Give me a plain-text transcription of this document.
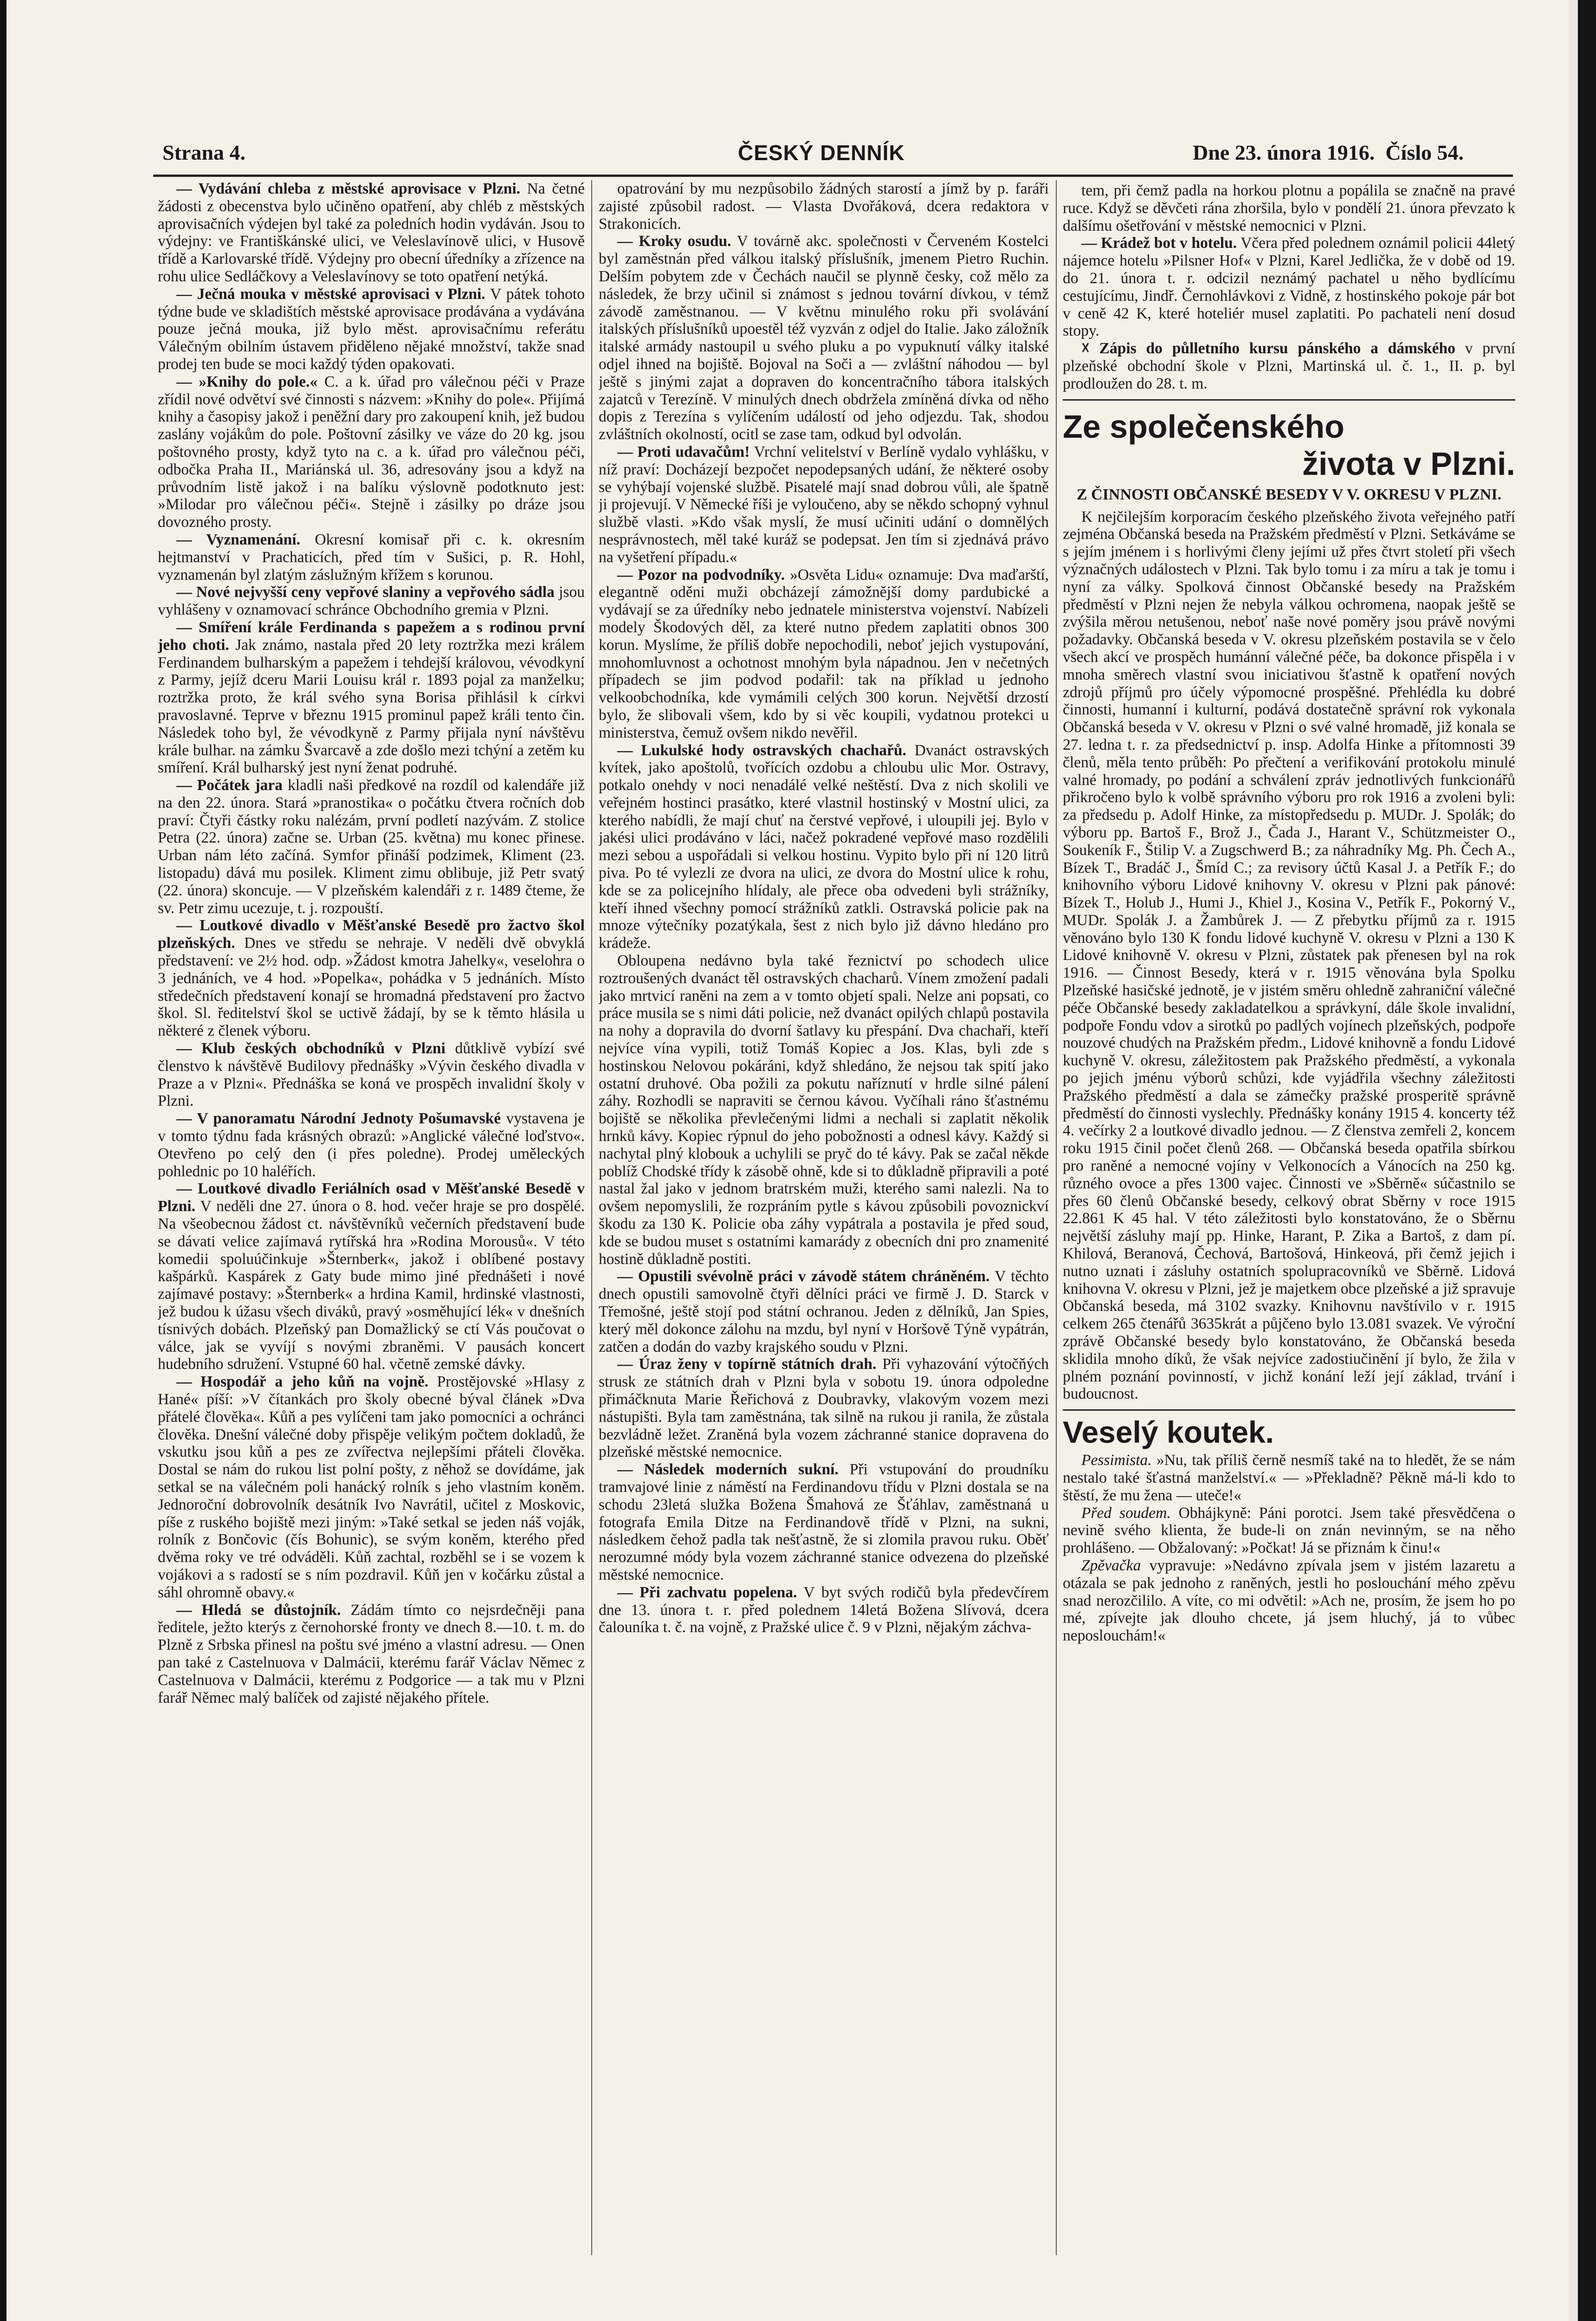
Strana 4.	ČESKÝ DENNÍK	Dne 23. února 1916. Číslo 54.

— Vydávání chleba z městské aprovisace v Plzni. Na četné žádosti z obecenstva bylo učiněno opatření, aby chléb z městských aprovisačních výdejen byl také za poledních hodin vydáván. Jsou to výdejny: ve Františkánské ulici, ve Veleslavínově ulici, v Husově třídě a Karlovarské třídě. Výdejny pro obecní úředníky a zřízence na rohu ulice Sedláčkovy a Veleslavínovy se toto opatření netýká.

— Ječná mouka v městské aprovisaci v Plzni. V pátek tohoto týdne bude ve skladištích městské aprovisace prodávána a vydávána pouze ječná mouka, již bylo měst. aprovisačnímu referátu Válečným obilním ústavem přiděleno nějaké množství, takže snad prodej ten bude se moci každý týden opakovati.

— »Knihy do pole.« C. a k. úřad pro válečnou péči v Praze zřídil nové odvětví své činnosti s názvem: »Knihy do pole«. Přijímá knihy a časopisy jakož i peněžní dary pro zakoupení knih, jež budou zaslány vojákům do pole. Poštovní zásilky ve váze do 20 kg. jsou poštovného prosty, když tyto na c. a k. úřad pro válečnou péči, odbočka Praha II., Mariánská ul. 36, adresovány jsou a když na průvodním listě jakož i na balíku výslovně podotknuto jest: »Milodar pro válečnou péči«. Stejně i zásilky po dráze jsou dovozného prosty.

— Vyznamenání. Okresní komisař při c. k. okresním hejtmanství v Prachaticích, před tím v Sušici, p. R. Hohl, vyznamenán byl zlatým záslužným křížem s korunou.

— Nové nejvyšší ceny vepřové slaniny a vepřového sádla jsou vyhlášeny v oznamovací schránce Obchodního gremia v Plzni.

— Smíření krále Ferdinanda s papežem a s rodinou první jeho choti. Jak známo, nastala před 20 lety roztržka mezi králem Ferdinandem bulharským a papežem i tehdejší královou, vévodkyní z Parmy, jejíž dceru Marii Louisu král r. 1893 pojal za manželku; roztržka proto, že král svého syna Borisa přihlásil k církvi pravoslavné. Teprve v březnu 1915 prominul papež králi tento čin. Následek toho byl, že vévodkyně z Parmy přijala nyní návštěvu krále bulhar. na zámku Švarcavě a zde došlo mezi tchýní a zetěm ku smíření. Král bulharský jest nyní ženat podruhé.

— Počátek jara kladli naši předkové na rozdíl od kalendáře již na den 22. února. Stará »pranostika« o počátku čtvera ročních dob praví: Čtyři částky roku nalézám, první podletí nazývám. Z stolice Petra (22. února) začne se. Urban (25. května) mu konec přinese. Urban nám léto začíná. Symfor přináší podzimek, Kliment (23. listopadu) dává mu posilek. Kliment zimu oblibuje, již Petr svatý (22. února) skoncuje. — V plzeňském kalendáři z r. 1489 čteme, že sv. Petr zimu ucezuje, t. j. rozpouští.

— Loutkové divadlo v Měšťanské Besedě pro žactvo škol plzeňských. Dnes ve středu se nehraje. V neděli dvě obvyklá představení: ve 2½ hod. odp. »Žádost kmotra Jahelky«, veselohra o 3 jednáních, ve 4 hod. »Popelka«, pohádka v 5 jednáních. Místo středečních představení konají se hromadná představení pro žactvo škol. Sl. ředitelství škol se uctivě žádají, by se k těmto hlásila u některé z členek výboru.

— Klub českých obchodníků v Plzni důtklivě vybízí své členstvo k návštěvě Budilovy přednášky »Vývin českého divadla v Praze a v Plzni«. Přednáška se koná ve prospěch invalidní školy v Plzni.

— V panoramatu Národní Jednoty Pošumavské vystavena je v tomto týdnu fada krásných obrazů: »Anglické válečné loďstvo«. Otevřeno po celý den (i přes poledne). Prodej uměleckých pohlednic po 10 haléřích.

— Loutkové divadlo Feriálních osad v Měšťanské Besedě v Plzni. V neděli dne 27. února o 8. hod. večer hraje se pro dospělé. Na všeobecnou žádost ct. návštěvníků večerních představení bude se dávati velice zajímavá rytířská hra »Rodina Morousů«. V této komedii spoluúčinkuje »Šternberk«, jakož i oblíbené postavy kašpárků. Kaspárek z Gaty bude mimo jiné přednášeti i nové zajímavé postavy: »Šternberk« a hrdina Kamil, hrdinské vlastnosti, jež budou k úžasu všech diváků, pravý »osměhující lék« v dnešních tísnivých dobách. Plzeňský pan Domažlický se ctí Vás poučovat o válce, jak se vyvíjí s novými zbraněmi. V pausách koncert hudebního sdružení. Vstupné 60 hal. včetně zemské dávky.

— Hospodář a jeho kůň na vojně. Prostějovské »Hlasy z Hané« píší: »V čítankách pro školy obecné býval článek »Dva přátelé člověka«. Kůň a pes vylíčeni tam jako pomocníci a ochránci člověka. Dnešní válečné doby přispěje velikým počtem dokladů, že vskutku jsou kůň a pes ze zvířectva nejlepšími přáteli člověka. Dostal se nám do rukou list polní pošty, z něhož se dovídáme, jak setkal se na válečném poli hanácký rolník s jeho vlastním koněm. Jednoroční dobrovolník desátník Ivo Navrátil, učitel z Moskovic, píše z ruského bojiště mezi jiným: »Také setkal se jeden náš voják, rolník z Bončovic (čís Bohunic), se svým koněm, kterého před dvěma roky ve tré odváděli. Kůň zachtal, rozběhl se i se vozem k vojákovi a s radostí se s ním pozdravil. Kůň jen v kočárku zůstal a sáhl ohromně obavy.«

— Hledá se důstojník. Zádám tímto co nejsrdečněji pana ředitele, ježto kterýs z černohorské fronty ve dnech 8.—10. t. m. do Plzně z Srbska přinesl na poštu své jméno a vlastní adresu. — Onen pan také z Castelnuova v Dalmácii, kterému farář Václav Němec z Castelnuova v Dalmácii, kterému z Podgorice — a tak mu v Plzni farář Němec malý balíček od zajisté nějakého přítele.

opatrování by mu nezpůsobilo žádných starostí a jímž by p. faráři zajisté způsobil radost. — Vlasta Dvořáková, dcera redaktora v Strakonicích.

— Kroky osudu. V továrně akc. společnosti v Červeném Kostelci byl zaměstnán před válkou italský příslušník, jmenem Pietro Ruchin. Delším pobytem zde v Čechách naučil se plynně česky, což mělo za následek, že brzy učinil si známost s jednou tovární dívkou, v témž závodě zaměstnanou. — V květnu minulého roku při svolávání italských příslušníků upoestěl též vyzván z odjel do Italie. Jako záložník italské armády nastoupil u svého pluku a po vypuknutí války italské odjel ihned na bojiště. Bojoval na Soči a — zvláštní náhodou — byl ještě s jinými zajat a dopraven do koncentračního tábora italských zajatců v Terezíně. V minulých dnech obdržela zmíněná dívka od něho dopis z Terezína s vylíčením událostí od jeho odjezdu. Tak, shodou zvláštních okolností, ocitl se zase tam, odkud byl odvolán.

— Proti udavačům! Vrchní velitelství v Berlíně vydalo vyhlášku, v níž praví: Docházejí bezpočet nepodepsaných udání, že některé osoby se vyhýbají vojenské službě. Pisatelé mají snad dobrou vůli, ale špatně ji projevují. V Německé říši je vyloučeno, aby se někdo schopný vyhnul službě vlasti. »Kdo však myslí, že musí učiniti udání o domnělých nesprávnostech, měl také kuráž se podepsat. Jen tím si zjednává právo na vyšetření případu.«

— Pozor na podvodníky. »Osvěta Lidu« oznamuje: Dva maďarští, elegantně oděni muži obcházejí zámožnější domy pardubické a vydávají se za úředníky nebo jednatele ministerstva vojenství. Nabízeli modely Škodových děl, za které nutno předem zaplatiti obnos 300 korun. Myslíme, že příliš dobře nepochodili, neboť jejich vystupování, mnohomluvnost a ochotnost mnohým byla nápadnou. Jen v nečetných případech se jim podvod podařil: tak na příklad u jednoho velkoobchodníka, kde vymámili celých 300 korun. Největší drzostí bylo, že slibovali všem, kdo by si věc koupili, vydatnou protekci u ministerstva, čemuž ovšem nikdo nevěřil.

— Lukulské hody ostravských chachařů. Dvanáct ostravských kvítek, jako apoštolů, tvořících ozdobu a chloubu ulic Mor. Ostravy, potkalo onehdy v noci nenadálé velké neštěstí. Dva z nich skolili ve veřejném hostinci prasátko, které vlastnil hostinský v Mostní ulici, za kterého nabídli, že mají chuť na čerstvé vepřové, i uloupili jej. Bylo v jakési ulici prodáváno v láci, načež pokradené vepřové maso rozdělili mezi sebou a uspořádali si velkou hostinu. Vypito bylo při ní 120 litrů piva. Po té vylezli ze dvora na ulici, ze dvora do Mostní ulice k rohu, kde se za policejního hlídaly, ale přece oba odvedeni byli strážníky, kteří ihned všechny pomocí strážníků zatkli. Ostravská policie pak na mnoze výtečníky pozatýkala, šest z nich bylo již dávno hledáno pro krádeže.

Obloupena nedávno byla také řeznictví po schodech ulice roztroušených dvanáct těl ostravských chacharů. Vínem zmožení padali jako mrtvicí raněni na zem a v tomto objetí spali. Nelze ani popsati, co práce musila se s nimi dáti policie, než dvanáct opilých chlapů postavila na nohy a dopravila do dvorní šatlavy ku přespání. Dva chachaři, kteří nejvíce vína vypili, totiž Tomáš Kopiec a Jos. Klas, byli zde s hostinskou Nelovou pokáráni, když shledáno, že nejsou tak spití jako ostatní druhové. Oba požili za pokutu naříznutí v hrdle silné pálení záhy. Rozhodli se napraviti se černou kávou. Vyčíhali ráno šťastnému bojiště se několika převlečenými lidmi a nechali si zaplatit několik hrnků kávy. Kopiec rýpnul do jeho pobožnosti a odnesl kávy. Každý si nachytal plný klobouk a uchylili se pryč do té kávy. Pak se začal někde poblíž Chodské třídy k zásobě ohně, kde si to důkladně připravili a poté nastal žal jako v jednom bratrském muži, kterého sami nalezli. Na to ovšem nepomyslili, že rozpráním pytle s kávou způsobili povoznickví škodu za 130 K. Policie oba záhy vypátrala a postavila je před soud, kde se budou muset s ostatními kamarády z obecních dni pro znamenité hostině důkladně postiti.

— Opustili svévolně práci v závodě státem chráněném. V těchto dnech opustili samovolně čtyři dělníci práci ve firmě J. D. Starck v Třemošné, ještě stojí pod státní ochranou. Jeden z dělníků, Jan Spies, který měl dokonce zálohu na mzdu, byl nyní v Horšově Týně vypátrán, zatčen a dodán do vazby krajského soudu v Plzni.

— Úraz ženy v topírně státních drah. Při vyhazování výtočňých strusk ze státních drah v Plzni byla v sobotu 19. února odpoledne přimáčknuta Marie Řeřichová z Doubravky, vlakovým vozem mezi nástupišti. Byla tam zaměstnána, tak silně na rukou ji ranila, že zůstala bezvládně ležet. Zraněná byla vozem záchranné stanice dopravena do plzeňské městské nemocnice.

— Následek moderních sukní. Při vstupování do proudníku tramvajové linie z náměstí na Ferdinandovu třídu v Plzni dostala se na schodu 23letá služka Božena Šmahová ze Šťáhlav, zaměstnaná u fotografa Emila Ditze na Ferdinandově třídě v Plzni, na sukni, následkem čehož padla tak nešťastně, že si zlomila pravou ruku. Oběť nerozumné módy byla vozem záchranné stanice odvezena do plzeňské městské nemocnice.

— Při zachvatu popelena. V byt svých rodičů byla předevčírem dne 13. února t. r. před polednem 14letá Božena Slívová, dcera čalouníka t. č. na vojně, z Pražské ulice č. 9 v Plzni, nějakým záchva-

tem, při čemž padla na horkou plotnu a popálila se značně na pravé ruce. Když se děvčeti rána zhoršila, bylo v pondělí 21. února převzato k dalšímu ošetřování v městské nemocnici v Plzni.

— Krádež bot v hotelu. Včera před polednem oznámil policii 44letý nájemce hotelu »Pilsner Hof« v Plzni, Karel Jedlička, že v době od 19. do 21. února t. r. odcizil neznámý pachatel u něho bydlícímu cestujícímu, Jindř. Černohlávkovi z Vidně, z hostinského pokoje pár bot v ceně 42 K, které hoteliér musel zaplatiti. Po pachateli není dosud stopy.

☓ Zápis do půlletního kursu pánského a dámského v první plzeňské obchodní škole v Plzni, Martinská ul. č. 1., II. p. byl prodloužen do 28. t. m.

Ze společenského
života v Plzni.
Z ČINNOSTI OBČANSKÉ BESEDY V V. OKRESU V PLZNI.

K nejčilejším korporacím českého plzeňského života veřejného patří zejména Občanská beseda na Pražském předměstí v Plzni. Setkáváme se s jejím jménem i s horlivými členy jejími už přes čtvrt století při všech význačných událostech v Plzni. Tak bylo tomu i za míru a tak je tomu i nyní za války. Spolková činnost Občanské besedy na Pražském předměstí v Plzni nejen že nebyla válkou ochromena, naopak ještě se zvýšila měrou netušenou, neboť naše nové poměry jsou právě novými požadavky. Občanská beseda v V. okresu plzeňském postavila se v čelo všech akcí ve prospěch humánní válečné péče, ba dokonce přispěla i v mnoha směrech vlastní svou iniciativou šťastně k opatření nových zdrojů příjmů pro účely výpomocné prospěšné. Přehlédla ku dobré činnosti, humanní i kulturní, podává dostatečně správní rok vykonala Občanská beseda v V. okresu v Plzni o své valné hromadě, již konala se 27. ledna t. r. za předsednictví p. insp. Adolfa Hinke a přítomnosti 39 členů, měla tento průběh: Po přečtení a verifikování protokolu minulé valné hromady, po podání a schválení zpráv jednotlivých funkcionářů přikročeno bylo k volbě správního výboru pro rok 1916 a zvoleni byli: za předsedu p. Adolf Hinke, za místopředsedu p. MUDr. J. Spolák; do výboru pp. Bartoš F., Brož J., Čada J., Harant V., Schützmeister O., Soukeník F., Štilip V. a Zugschwerd B.; za náhradníky Mg. Ph. Čech A., Bízek T., Bradáč J., Šmíd C.; za revisory účtů Kasal J. a Petřík F.; do knihovního výboru Lidové knihovny V. okresu v Plzni pak pánové: Bízek T., Holub J., Humi J., Khiel J., Kosina V., Petřík F., Pokorný V., MUDr. Spolák J. a Žambůrek J. — Z přebytku příjmů za r. 1915 věnováno bylo 130 K fondu lidové kuchyně V. okresu v Plzni a 130 K Lidové knihovně V. okresu v Plzni, zůstatek pak přenesen byl na rok 1916. — Činnost Besedy, která v r. 1915 věnována byla Spolku Plzeňské hasičské jednotě, je v jistém směru ohledně zahraniční válečné péče Občanské besedy zakladatelkou a správkyní, dále škole invalidní, podpoře Fondu vdov a sirotků po padlých vojínech plzeňských, podpoře nouzové chudých na Pražském předm., Lidové knihovně a fondu Lidové kuchyně V. okresu, záležitostem pak Pražského předměstí, a vykonala po jejich jménu výborů schůzi, kde vyjádřila všechny záležitosti Pražského předměstí a dala se zámečky pražské prosperitě správně předměstí do činnosti vyslechly. Přednášky konány 1915 4. koncerty též 4. večírky 2 a loutkové divadlo jednou. — Z členstva zemřeli 2, koncem roku 1915 činil počet členů 268. — Občanská beseda opatřila sbírkou pro raněné a nemocné vojíny v Velkonocích a Vánocích na 250 kg. různého ovoce a přes 1300 vajec. Činnosti ve »Sběrně« súčastnilo se přes 60 členů Občanské besedy, celkový obrat Sběrny v roce 1915 22.861 K 45 hal. V této záležitosti bylo konstatováno, že o Sběrnu největší zásluhy mají pp. Hinke, Harant, P. Zika a Bartoš, z dam pí. Khilová, Beranová, Čechová, Bartošová, Hinkeová, při čemž jejich i nutno uznati i zásluhy ostatních spolupracovníků ve Sběrně. Lidová knihovna V. okresu v Plzni, jež je majetkem obce plzeňské a již spravuje Občanská beseda, má 3102 svazky. Knihovnu navštívilo v r. 1915 celkem 265 čtenářů 3635krát a půjčeno bylo 13.081 svazek. Ve výroční zprávě Občanské besedy bylo konstatováno, že Občanská beseda sklidila mnoho díků, že však nejvíce zadostiučinění jí bylo, že žila v plném poznání povinností, v jichž konání leží její základ, trvání i budoucnost.

Veselý koutek.

Pessimista. »Nu, tak příliš černě nesmíš také na to hledět, že se nám nestalo také šťastná manželství.« — »Překladně? Pěkně má-li kdo to štěstí, že mu žena — uteče!«

Před soudem. Obhájkyně: Páni porotci. Jsem také přesvědčena o nevině svého klienta, že bude-li on znán nevinným, se na něho prohlášeno. — Obžalovaný: »Počkat! Já se přiznám k činu!«

Zpěvačka vypravuje: »Nedávno zpívala jsem v jistém lazaretu a otázala se pak jednoho z raněných, jestli ho poslouchání mého zpěvu snad nerozčililo. A víte, co mi odvětil: »Ach ne, prosím, že jsem ho po mé, zpívejte jak dlouho chcete, já jsem hluchý, já to vůbec neposlouchám!«
